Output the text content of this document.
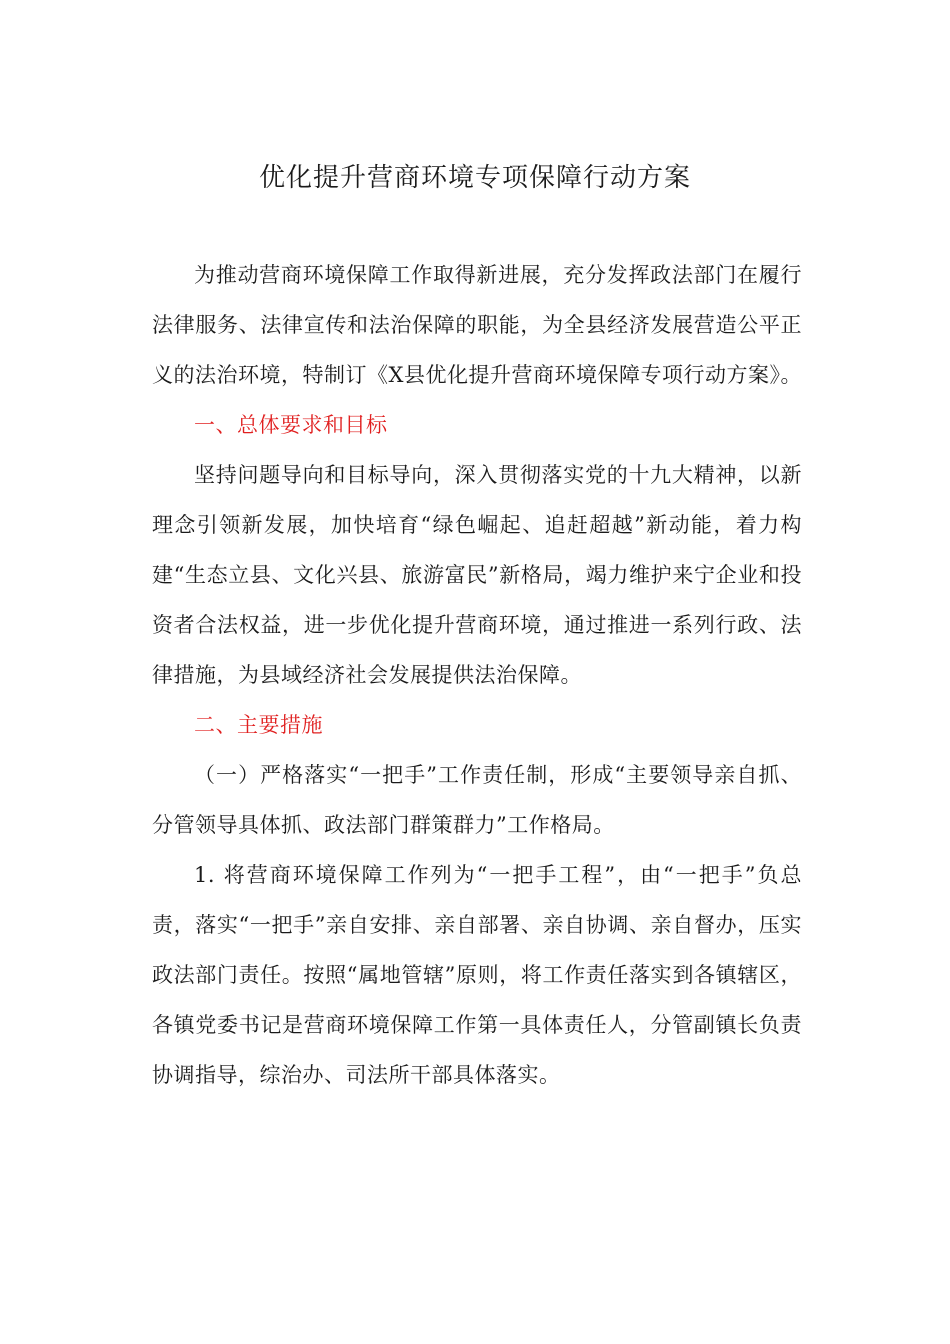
优化提升营商环境专项保障行动方案

为推动营商环境保障工作取得新进展，充分发挥政法部门在履行法律服务、法律宣传和法治保障的职能，为全县经济发展营造公平正义的法治环境，特制订《X县优化提升营商环境保障专项行动方案》。

一、总体要求和目标

坚持问题导向和目标导向，深入贯彻落实党的十九大精神，以新理念引领新发展，加快培育“绿色崛起、追赶超越”新动能，着力构建“生态立县、文化兴县、旅游富民”新格局，竭力维护来宁企业和投资者合法权益，进一步优化提升营商环境，通过推进一系列行政、法律措施，为县域经济社会发展提供法治保障。

二、主要措施

（一）严格落实“一把手”工作责任制，形成“主要领导亲自抓、分管领导具体抓、政法部门群策群力”工作格局。

1. 将营商环境保障工作列为“一把手工程”，由“一把手”负总责，落实“一把手”亲自安排、亲自部署、亲自协调、亲自督办，压实政法部门责任。按照“属地管辖”原则，将工作责任落实到各镇辖区，各镇党委书记是营商环境保障工作第一具体责任人，分管副镇长负责协调指导，综治办、司法所干部具体落实。
